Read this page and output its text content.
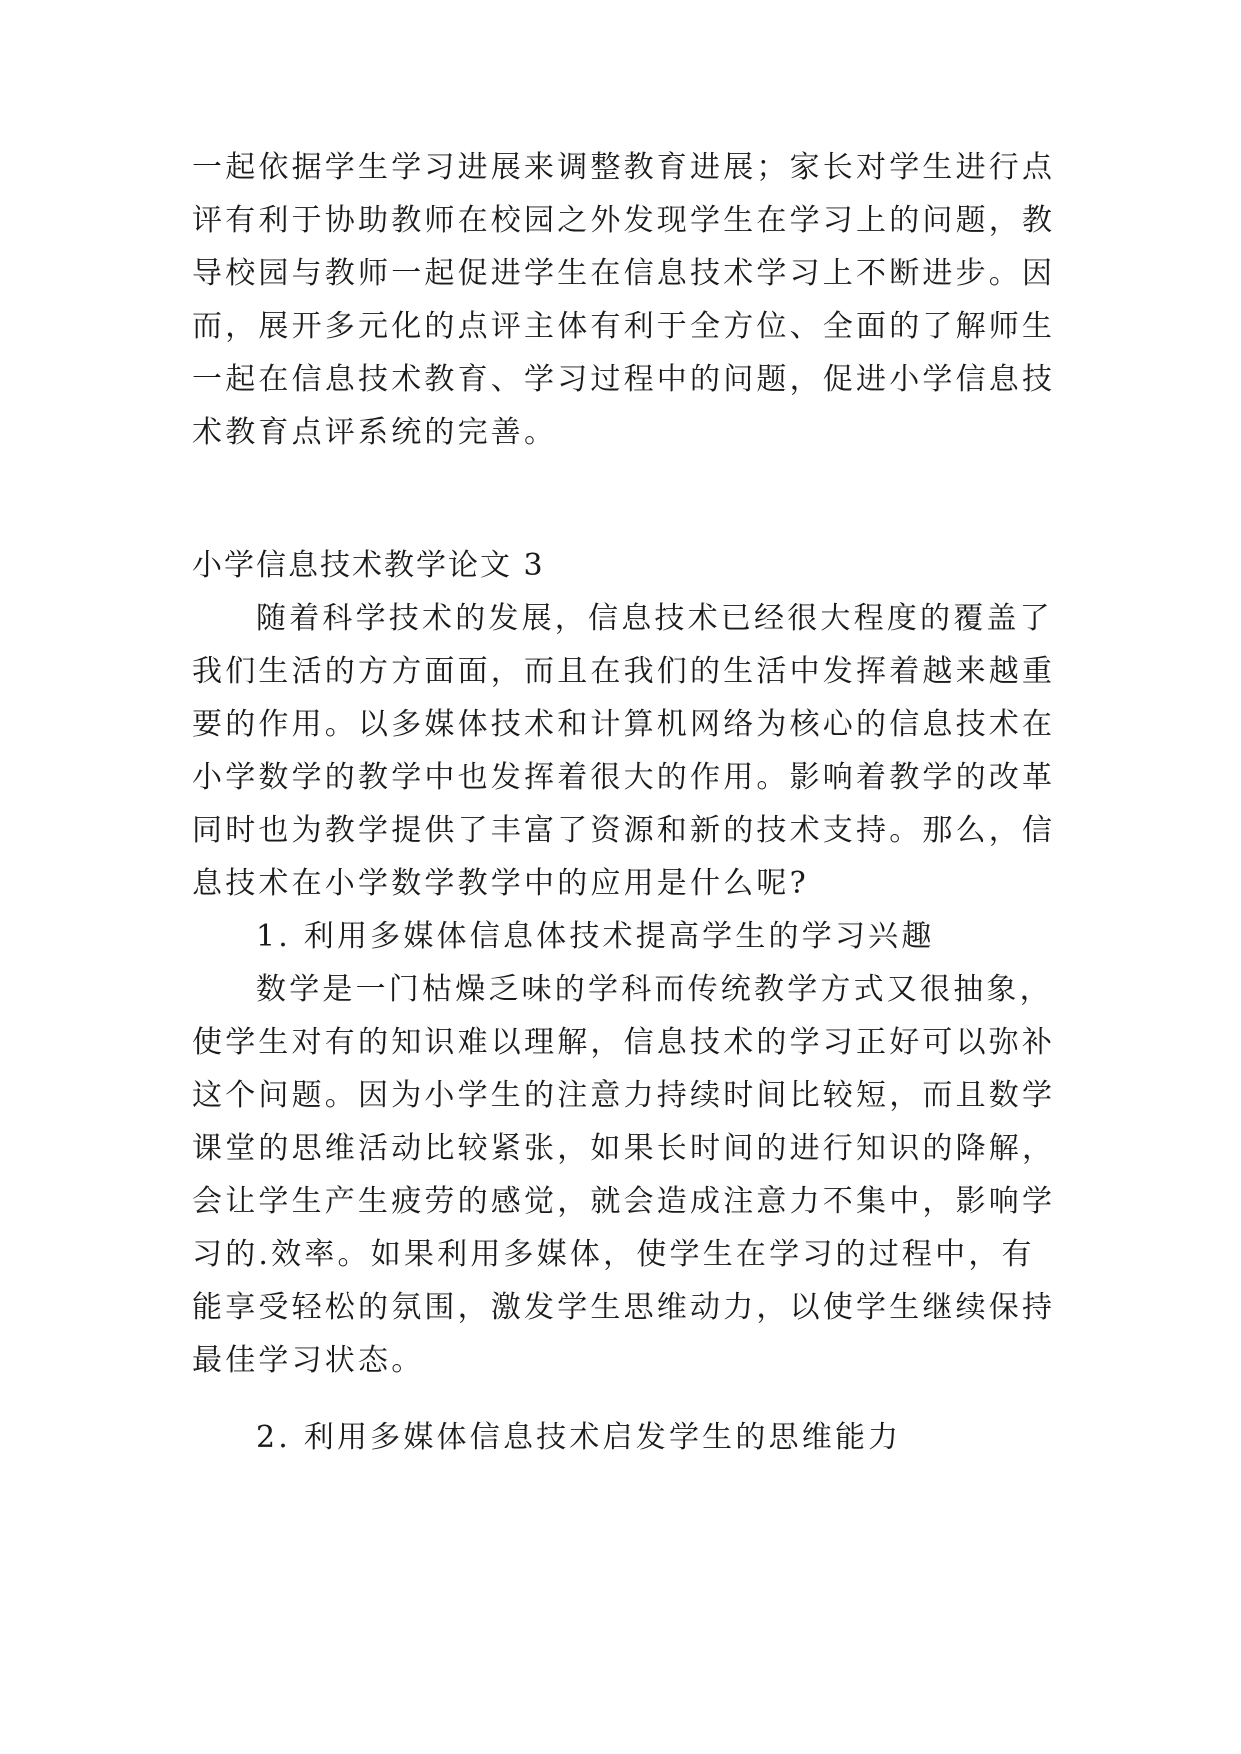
一起依据学生学习进展来调整教育进展；家长对学生进行点
评有利于协助教师在校园之外发现学生在学习上的问题，教
导校园与教师一起促进学生在信息技术学习上不断进步。因
而，展开多元化的点评主体有利于全方位、全面的了解师生
一起在信息技术教育、学习过程中的问题，促进小学信息技
术教育点评系统的完善。
小学信息技术教学论文 3
随着科学技术的发展，信息技术已经很大程度的覆盖了
我们生活的方方面面，而且在我们的生活中发挥着越来越重
要的作用。以多媒体技术和计算机网络为核心的信息技术在
小学数学的教学中也发挥着很大的作用。影响着教学的改革
同时也为教学提供了丰富了资源和新的技术支持。那么，信
息技术在小学数学教学中的应用是什么呢?
1. 利用多媒体信息体技术提高学生的学习兴趣
数学是一门枯燥乏味的学科而传统教学方式又很抽象，
使学生对有的知识难以理解，信息技术的学习正好可以弥补
这个问题。因为小学生的注意力持续时间比较短，而且数学
课堂的思维活动比较紧张，如果长时间的进行知识的降解，
会让学生产生疲劳的感觉，就会造成注意力不集中，影响学
习的.效率。如果利用多媒体，使学生在学习的过程中，有
能享受轻松的氛围，激发学生思维动力，以使学生继续保持
最佳学习状态。
2. 利用多媒体信息技术启发学生的思维能力
